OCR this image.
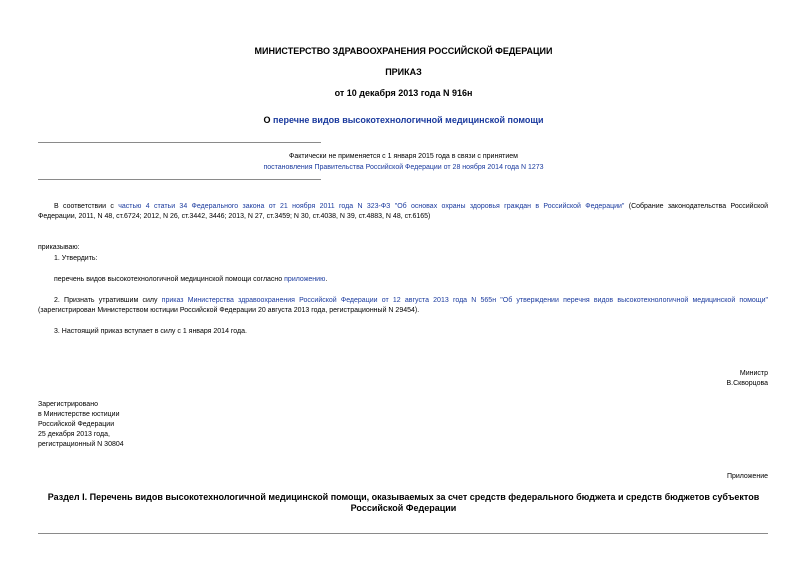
МИНИСТЕРСТВО ЗДРАВООХРАНЕНИЯ РОССИЙСКОЙ ФЕДЕРАЦИИ
ПРИКАЗ
от 10 декабря 2013 года N 916н
О перечне видов высокотехнологичной медицинской помощи
Фактически не применяется с 1 января 2015 года в связи с принятием
постановления Правительства Российской Федерации от 28 ноября 2014 года N 1273
В соответствии с частью 4 статьи 34 Федерального закона от 21 ноября 2011 года N 323-ФЗ "Об основах охраны здоровья граждан в Российской Федерации" (Собрание законодательства Российской
Федерации, 2011, N 48, ст.6724; 2012, N 26, ст.3442, 3446; 2013, N 27, ст.3459; N 30, ст.4038, N 39, ст.4883, N 48, ст.6165)
приказываю:
1. Утвердить:
перечень видов высокотехнологичной медицинской помощи согласно приложению.
2. Признать утратившим силу приказ Министерства здравоохранения Российской Федерации от 12 августа 2013 года N 565н "Об утверждении перечня видов высокотехнологичной медицинской помощи"
(зарегистрирован Министерством юстиции Российской Федерации 20 августа 2013 года, регистрационный N 29454).
3. Настоящий приказ вступает в силу с 1 января 2014 года.
Министр
В.Скворцова
Зарегистрировано
в Министерстве юстиции
Российской Федерации
25 декабря 2013 года,
регистрационный N 30804
Приложение
Раздел I. Перечень видов высокотехнологичной медицинской помощи, оказываемых за счет средств федерального бюджета и средств бюджетов субъектов
Российской Федерации
